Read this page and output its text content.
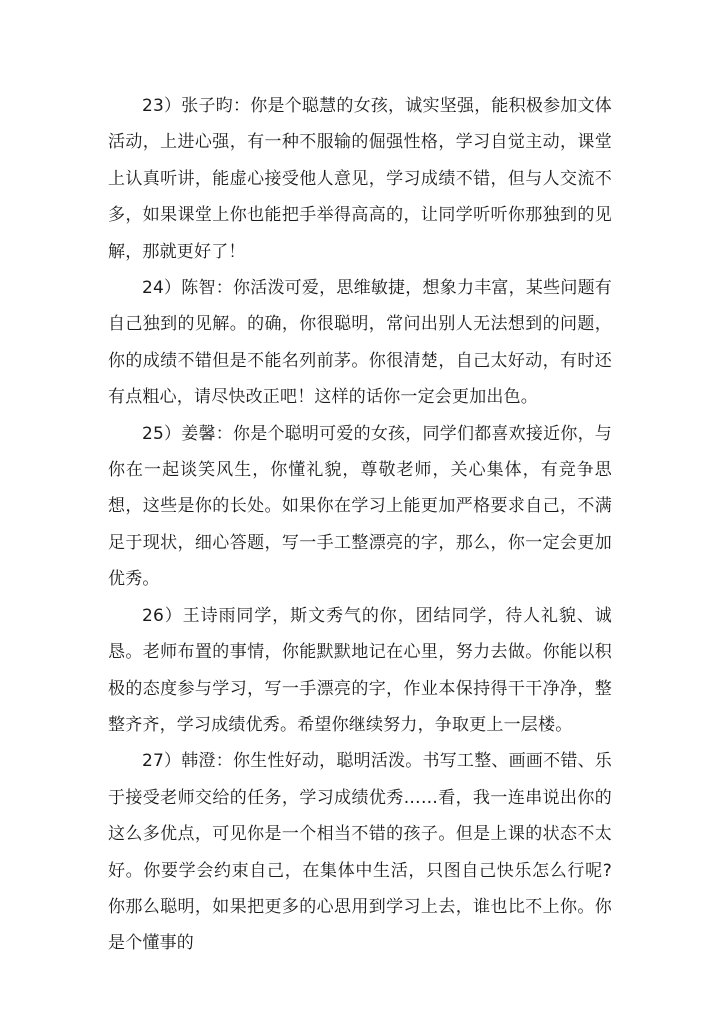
23）张子昀：你是个聪慧的女孩，诚实坚强，能积极参加文体活动，上进心强，有一种不服输的倔强性格，学习自觉主动，课堂上认真听讲，能虚心接受他人意见，学习成绩不错，但与人交流不多，如果课堂上你也能把手举得高高的，让同学听听你那独到的见解，那就更好了！

24）陈智：你活泼可爱，思维敏捷，想象力丰富，某些问题有自己独到的见解。的确，你很聪明，常问出别人无法想到的问题，你的成绩不错但是不能名列前茅。你很清楚，自己太好动，有时还有点粗心，请尽快改正吧！这样的话你一定会更加出色。

25）姜馨：你是个聪明可爱的女孩，同学们都喜欢接近你，与你在一起谈笑风生，你懂礼貌，尊敬老师，关心集体，有竞争思想，这些是你的长处。如果你在学习上能更加严格要求自己，不满足于现状，细心答题，写一手工整漂亮的字，那么，你一定会更加优秀。

26）王诗雨同学，斯文秀气的你，团结同学，待人礼貌、诚恳。老师布置的事情，你能默默地记在心里，努力去做。你能以积极的态度参与学习，写一手漂亮的字，作业本保持得干干净净，整整齐齐，学习成绩优秀。希望你继续努力，争取更上一层楼。

27）韩澄：你生性好动，聪明活泼。书写工整、画画不错、乐于接受老师交给的任务，学习成绩优秀……看，我一连串说出你的这么多优点，可见你是一个相当不错的孩子。但是上课的状态不太好。你要学会约束自己，在集体中生活，只图自己快乐怎么行呢?你那么聪明，如果把更多的心思用到学习上去，谁也比不上你。你是个懂事的
